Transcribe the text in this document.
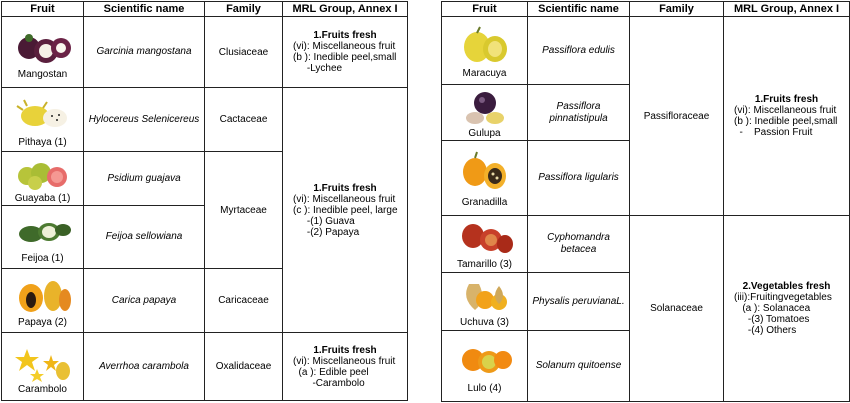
Fruit	Scientific name	Family	MRL Group, Annex I

Mangostan	Garcinia mangostana	Clusiaceae	1.Fruits fresh
(vi): Miscellaneous fruit
(b ): Inedible peel,small
-Lychee

Pithaya (1)	Hylocereus Selenicereus	Cactaceae	1.Fruits fresh
(vi): Miscellaneous fruit
(c ): Inedible peel, large
-(1) Guava
-(2) Papaya

Guayaba (1)	Psidium guajava	Myrtaceae	

Feijoa (1)	Feijoa sellowiana		

Papaya (2)	Carica papaya	Caricaceae	

Carambolo	Averrhoa carambola	Oxalidaceae	1.Fruits fresh
(vi): Miscellaneous fruit
(a ): Edible peel
-Carambolo
Fruit	Scientific name	Family	MRL Group, Annex I

Maracuya	Passiflora edulis	Passifloraceae	1.Fruits fresh
(vi): Miscellaneous fruit
(b ): Inedible peel,small
-    Passion Fruit

Gulupa	Passiflora pinnatistipula		

Granadilla	Passiflora ligularis		

Tamarillo (3)	Cyphomandra betacea	Solanaceae	2.Vegetables fresh
(iii):Fruitingvegetables
(a ): Solanacea
-(3) Tomatoes
-(4) Others

Uchuva (3)	Physalis peruvianaL.		

Lulo (4)	Solanum quitoense		
